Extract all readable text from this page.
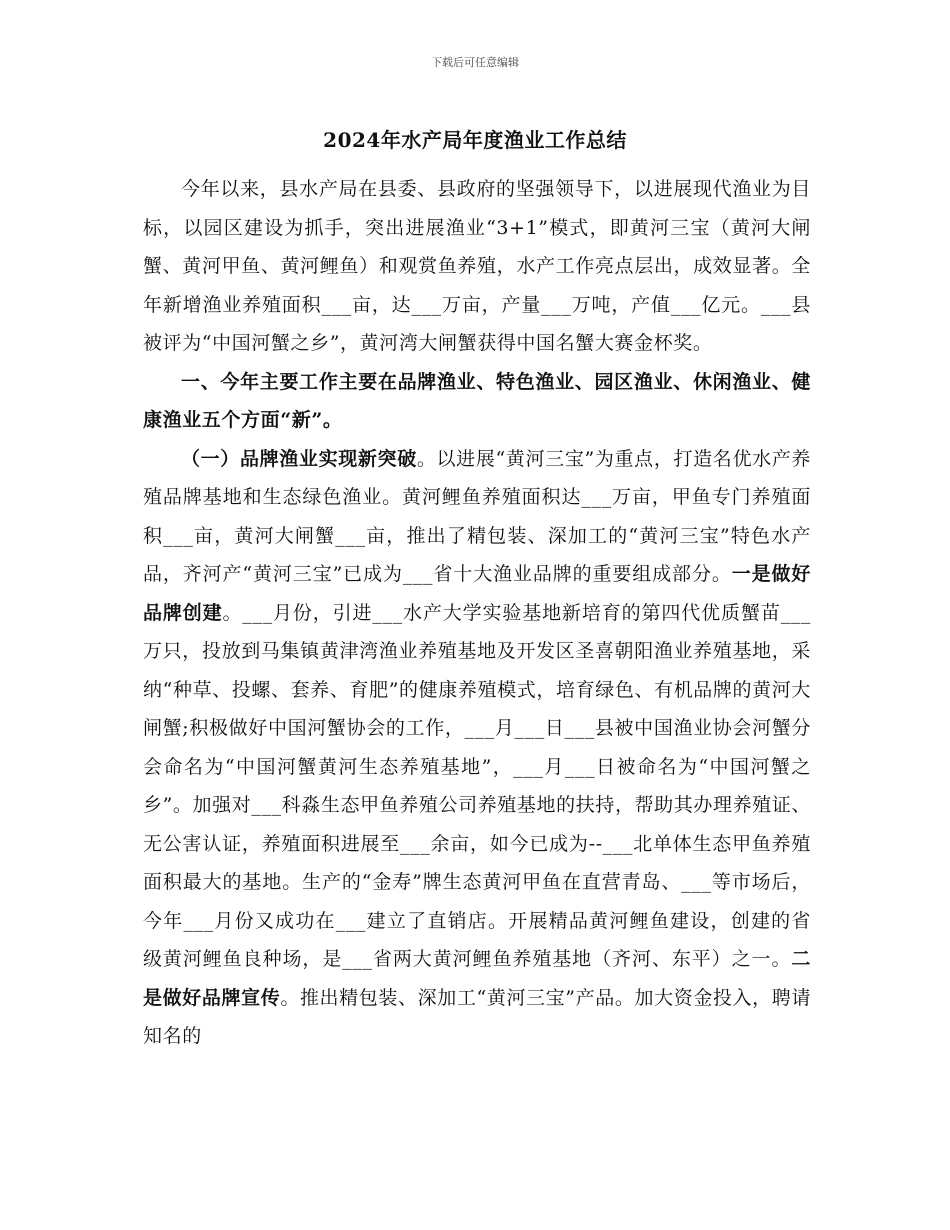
下载后可任意编辑
2024年水产局年度渔业工作总结

今年以来，县水产局在县委、县政府的坚强领导下，以进展现代渔业为目标，以园区建设为抓手，突出进展渔业“3+1”模式，即黄河三宝（黄河大闸蟹、黄河甲鱼、黄河鲤鱼）和观赏鱼养殖，水产工作亮点层出，成效显著。全年新增渔业养殖面积___亩，达___万亩，产量___万吨，产值___亿元。___县被评为“中国河蟹之乡”，黄河湾大闸蟹获得中国名蟹大赛金杯奖。

一、今年主要工作主要在品牌渔业、特色渔业、园区渔业、休闲渔业、健康渔业五个方面“新”。

（一）品牌渔业实现新突破。以进展“黄河三宝”为重点，打造名优水产养殖品牌基地和生态绿色渔业。黄河鲤鱼养殖面积达___万亩，甲鱼专门养殖面积___亩，黄河大闸蟹___亩，推出了精包装、深加工的“黄河三宝”特色水产品，齐河产“黄河三宝”已成为___省十大渔业品牌的重要组成部分。一是做好品牌创建。___月份，引进___水产大学实验基地新培育的第四代优质蟹苗___万只，投放到马集镇黄津湾渔业养殖基地及开发区圣喜朝阳渔业养殖基地，采纳“种草、投螺、套养、育肥”的健康养殖模式，培育绿色、有机品牌的黄河大闸蟹;积极做好中国河蟹协会的工作，___月___日___县被中国渔业协会河蟹分会命名为“中国河蟹黄河生态养殖基地”，___月___日被命名为“中国河蟹之乡”。加强对___科淼生态甲鱼养殖公司养殖基地的扶持，帮助其办理养殖证、无公害认证，养殖面积进展至___余亩，如今已成为--___北单体生态甲鱼养殖面积最大的基地。生产的“金寿”牌生态黄河甲鱼在直营青岛、___等市场后，今年___月份又成功在___建立了直销店。开展精品黄河鲤鱼建设，创建的省级黄河鲤鱼良种场，是___省两大黄河鲤鱼养殖基地（齐河、东平）之一。二是做好品牌宣传。推出精包装、深加工“黄河三宝”产品。加大资金投入，聘请知名的
